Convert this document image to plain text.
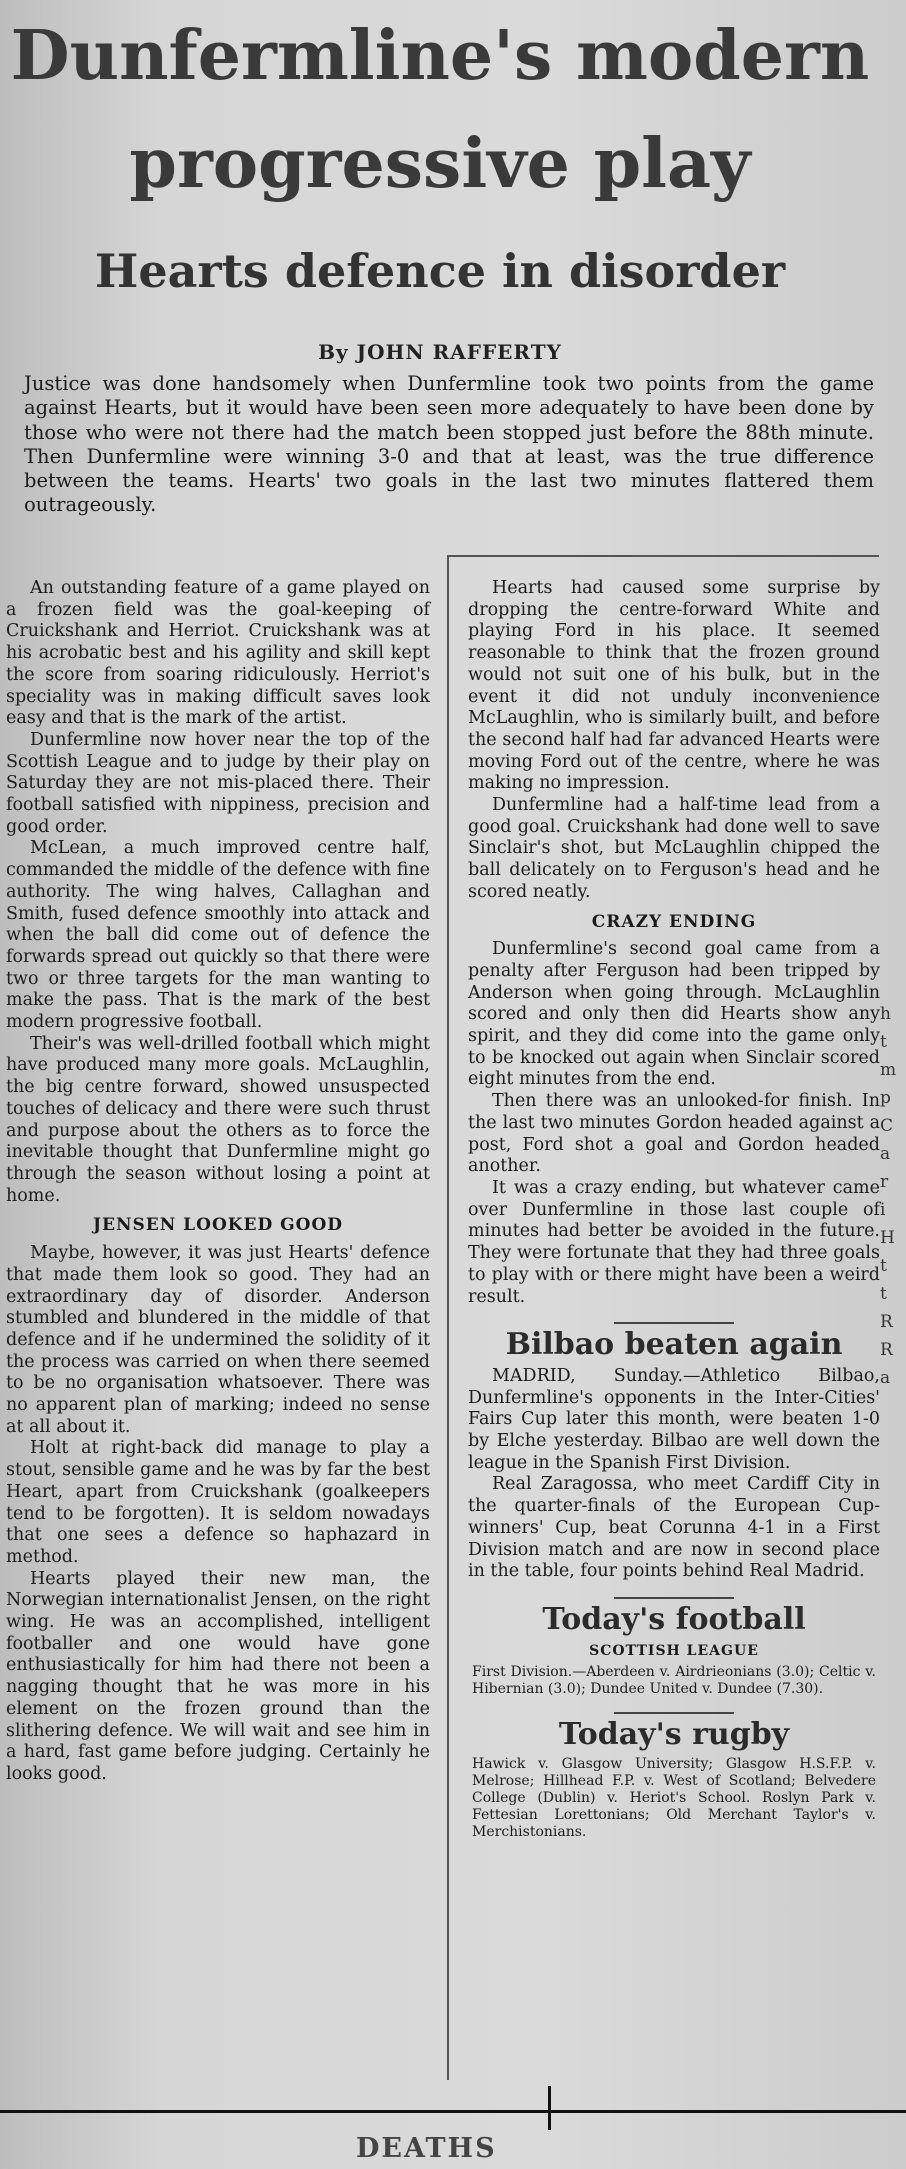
Dunfermline's modern
progressive play
Hearts defence in disorder
By JOHN RAFFERTY

Justice was done handsomely when Dunfermline took two points from the game against Hearts, but it would have been seen more adequately to have been done by those who were not there had the match been stopped just before the 88th minute. Then Dunfermline were winning 3-0 and that at least, was the true difference between the teams. Hearts' two goals in the last two minutes flattered them outrageously.

An outstanding feature of a game played on a frozen field was the goal-keeping of Cruickshank and Herriot. Cruickshank was at his acrobatic best and his agility and skill kept the score from soaring ridiculously. Herriot's speciality was in making difficult saves look easy and that is the mark of the artist.

Dunfermline now hover near the top of the Scottish League and to judge by their play on Saturday they are not mis-placed there. Their football satisfied with nippiness, precision and good order.

McLean, a much improved centre half, commanded the middle of the defence with fine authority. The wing halves, Callaghan and Smith, fused defence smoothly into attack and when the ball did come out of defence the forwards spread out quickly so that there were two or three targets for the man wanting to make the pass. That is the mark of the best modern progressive football.

Their's was well-drilled football which might have produced many more goals. McLaughlin, the big centre forward, showed unsuspected touches of delicacy and there were such thrust and purpose about the others as to force the inevitable thought that Dunfermline might go through the season without losing a point at home.

JENSEN LOOKED GOOD

Maybe, however, it was just Hearts' defence that made them look so good. They had an extraordinary day of disorder. Anderson stumbled and blundered in the middle of that defence and if he undermined the solidity of it the process was carried on when there seemed to be no organisation whatsoever. There was no apparent plan of marking; indeed no sense at all about it.

Holt at right-back did manage to play a stout, sensible game and he was by far the best Heart, apart from Cruickshank (goalkeepers tend to be forgotten). It is seldom nowadays that one sees a defence so haphazard in method.

Hearts played their new man, the Norwegian internationalist Jensen, on the right wing. He was an accomplished, intelligent footballer and one would have gone enthusiastically for him had there not been a nagging thought that he was more in his element on the frozen ground than the slithering defence. We will wait and see him in a hard, fast game before judging. Certainly he looks good.

Hearts had caused some surprise by dropping the centre-forward White and playing Ford in his place. It seemed reasonable to think that the frozen ground would not suit one of his bulk, but in the event it did not unduly inconvenience McLaughlin, who is similarly built, and before the second half had far advanced Hearts were moving Ford out of the centre, where he was making no impression.

Dunfermline had a half-time lead from a good goal. Cruickshank had done well to save Sinclair's shot, but McLaughlin chipped the ball delicately on to Ferguson's head and he scored neatly.

CRAZY ENDING

Dunfermline's second goal came from a penalty after Ferguson had been tripped by Anderson when going through. McLaughlin scored and only then did Hearts show any spirit, and they did come into the game only to be knocked out again when Sinclair scored eight minutes from the end.

Then there was an unlooked-for finish. In the last two minutes Gordon headed against a post, Ford shot a goal and Gordon headed another.

It was a crazy ending, but whatever came over Dunfermline in those last couple of minutes had better be avoided in the future. They were fortunate that they had three goals to play with or there might have been a weird result.

Bilbao beaten again

MADRID, Sunday.—Athletico Bilbao, Dunfermline's opponents in the Inter-Cities' Fairs Cup later this month, were beaten 1-0 by Elche yesterday. Bilbao are well down the league in the Spanish First Division.

Real Zaragossa, who meet Cardiff City in the quarter-finals of the European Cup-winners' Cup, beat Corunna 4-1 in a First Division match and are now in second place in the table, four points behind Real Madrid.

Today's football
SCOTTISH LEAGUE

First Division.—Aberdeen v. Airdrieonians (3.0); Celtic v. Hibernian (3.0); Dundee United v. Dundee (7.30).

Today's rugby

Hawick v. Glasgow University; Glasgow H.S.F.P. v. Melrose; Hillhead F.P. v. West of Scotland; Belvedere College (Dublin) v. Heriot's School. Roslyn Park v. Fettesian Lorettonians; Old Merchant Taylor's v. Merchistonians.

h
t
m
p
C
a
r
i
H
t
t
R
R
a
DEATHS
